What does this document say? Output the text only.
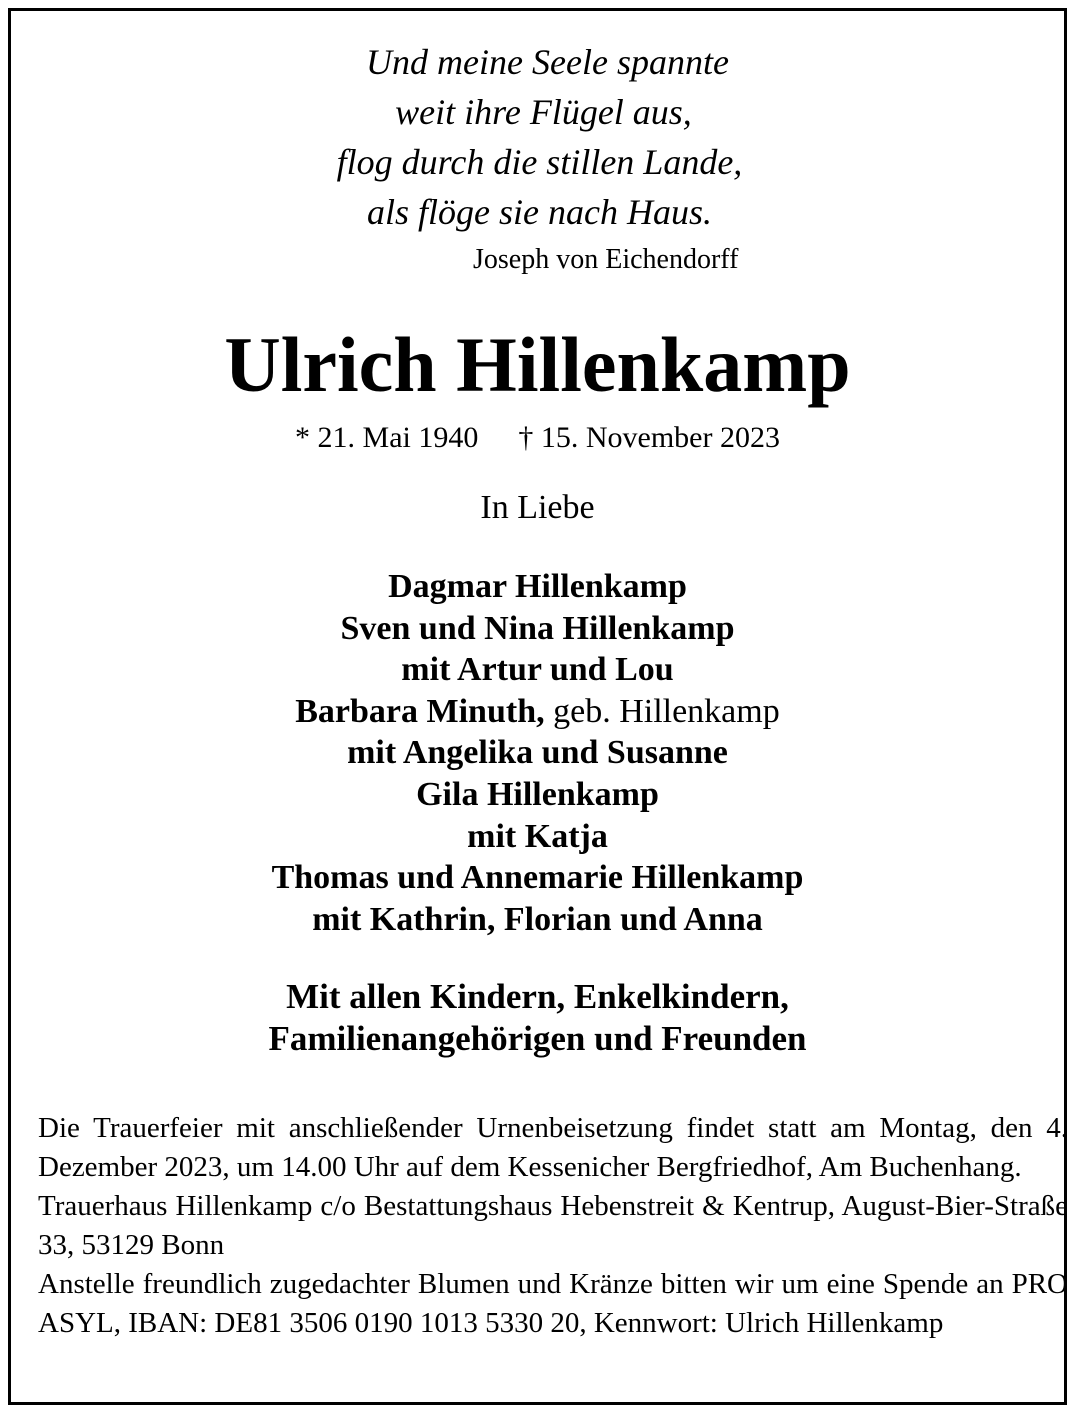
Und meine Seele spannte
weit ihre Flügel aus,
flog durch die stillen Lande,
als flöge sie nach Haus.
Joseph von Eichendorff
Ulrich Hillenkamp
* 21. Mai 1940 † 15. November 2023
In Liebe
Dagmar Hillenkamp
Sven und Nina Hillenkamp
mit Artur und Lou
Barbara Minuth, geb. Hillenkamp
mit Angelika und Susanne
Gila Hillenkamp
mit Katja
Thomas und Annemarie Hillenkamp
mit Kathrin, Florian und Anna
Mit allen Kindern, Enkelkindern,
Familienangehörigen und Freunden

Die Trauerfeier mit anschließender Urnenbeisetzung findet statt am Montag, den 4. Dezember 2023, um 14.00 Uhr auf dem Kessenicher Bergfriedhof, Am Buchenhang.

Trauerhaus Hillenkamp c/o Bestattungshaus Hebenstreit & Kentrup, August-Bier-Straße 33, 53129 Bonn

Anstelle freundlich zugedachter Blumen und Kränze bitten wir um eine Spende an PRO ASYL, IBAN: DE81 3506 0190 1013 5330 20, Kennwort: Ulrich Hillenkamp
